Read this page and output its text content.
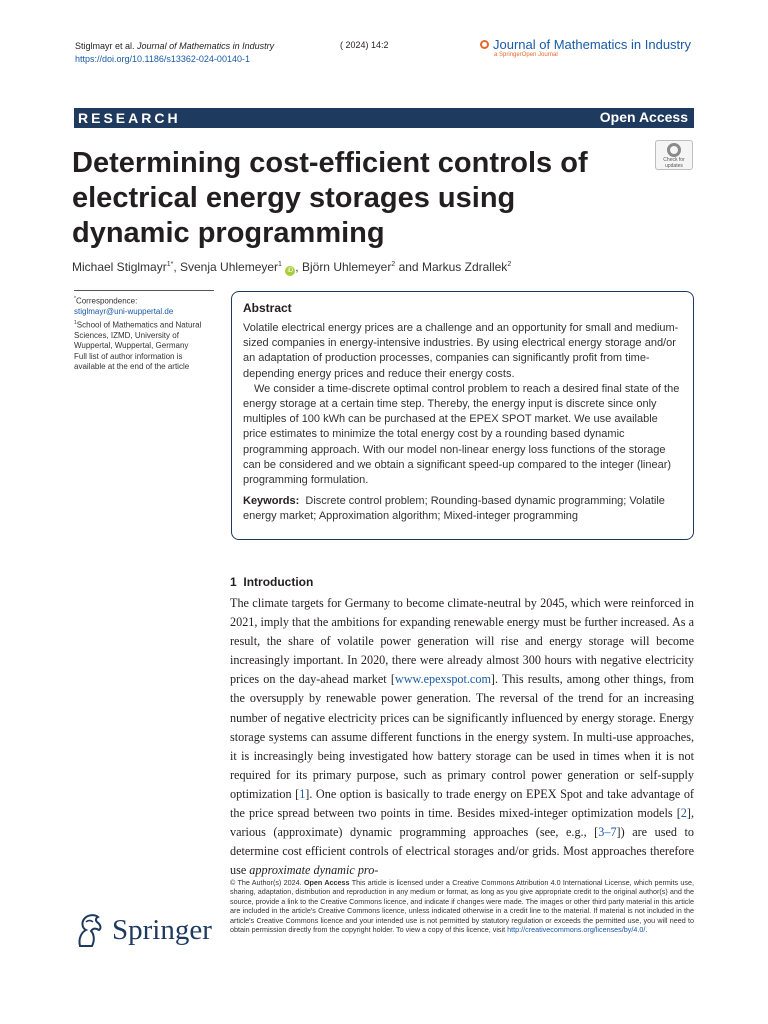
Stiglmayr et al. Journal of Mathematics in Industry
https://doi.org/10.1186/s13362-024-00140-1
( 2024) 14:2	Journal of Mathematics in Industry
a SpringerOpen Journal
RESEARCH	Open Access
Determining cost-efficient controls of electrical energy storages using dynamic programming
Check for updates
Michael Stiglmayr$^{1*}$, Svenja Uhlemeyer$^1$ iD , Björn Uhlemeyer$^2$ and Markus Zdrallek$^2$
*Correspondence:
stiglmayr@uni-wuppertal.de
$^1$School of Mathematics and Natural Sciences, IZMD, University of Wuppertal, Wuppertal, Germany
Full list of author information is available at the end of the article
Abstract

Volatile electrical energy prices are a challenge and an opportunity for small and medium-sized companies in energy-intensive industries. By using electrical energy storage and/or an adaptation of production processes, companies can significantly profit from time-depending energy prices and reduce their energy costs.

We consider a time-discrete optimal control problem to reach a desired final state of the energy storage at a certain time step. Thereby, the energy input is discrete since only multiples of 100 kWh can be purchased at the EPEX SPOT market. We use available price estimates to minimize the total energy cost by a rounding based dynamic programming approach. With our model non-linear energy loss functions of the storage can be considered and we obtain a significant speed-up compared to the integer (linear) programming formulation.

Keywords: Discrete control problem; Rounding-based dynamic programming; Volatile energy market; Approximation algorithm; Mixed-integer programming

1 Introduction
The climate targets for Germany to become climate-neutral by 2045, which were reinforced in 2021, imply that the ambitions for expanding renewable energy must be further increased. As a result, the share of volatile power generation will rise and energy storage will become increasingly important. In 2020, there were already almost 300 hours with negative electricity prices on the day-ahead market [www.epexspot.com]. This results, among other things, from the oversupply by renewable power generation. The reversal of the trend for an increasing number of negative electricity prices can be significantly influenced by energy storage. Energy storage systems can assume different functions in the energy system. In multi-use approaches, it is increasingly being investigated how battery storage can be used in times when it is not required for its primary purpose, such as primary control power generation or self-supply optimization [1]. One option is basically to trade energy on EPEX Spot and take advantage of the price spread between two points in time. Besides mixed-integer optimization models [2], various (approximate) dynamic programming approaches (see, e.g., [3–7]) are used to determine cost efficient controls of electrical storages and/or grids. Most approaches therefore use approximate dynamic pro-
© The Author(s) 2024. Open Access This article is licensed under a Creative Commons Attribution 4.0 International License, which permits use, sharing, adaptation, distribution and reproduction in any medium or format, as long as you give appropriate credit to the original author(s) and the source, provide a link to the Creative Commons licence, and indicate if changes were made. The images or other third party material in this article are included in the article's Creative Commons licence, unless indicated otherwise in a credit line to the material. If material is not included in the article's Creative Commons licence and your intended use is not permitted by statutory regulation or exceeds the permitted use, you will need to obtain permission directly from the copyright holder. To view a copy of this licence, visit http://creativecommons.org/licenses/by/4.0/.
Springer
